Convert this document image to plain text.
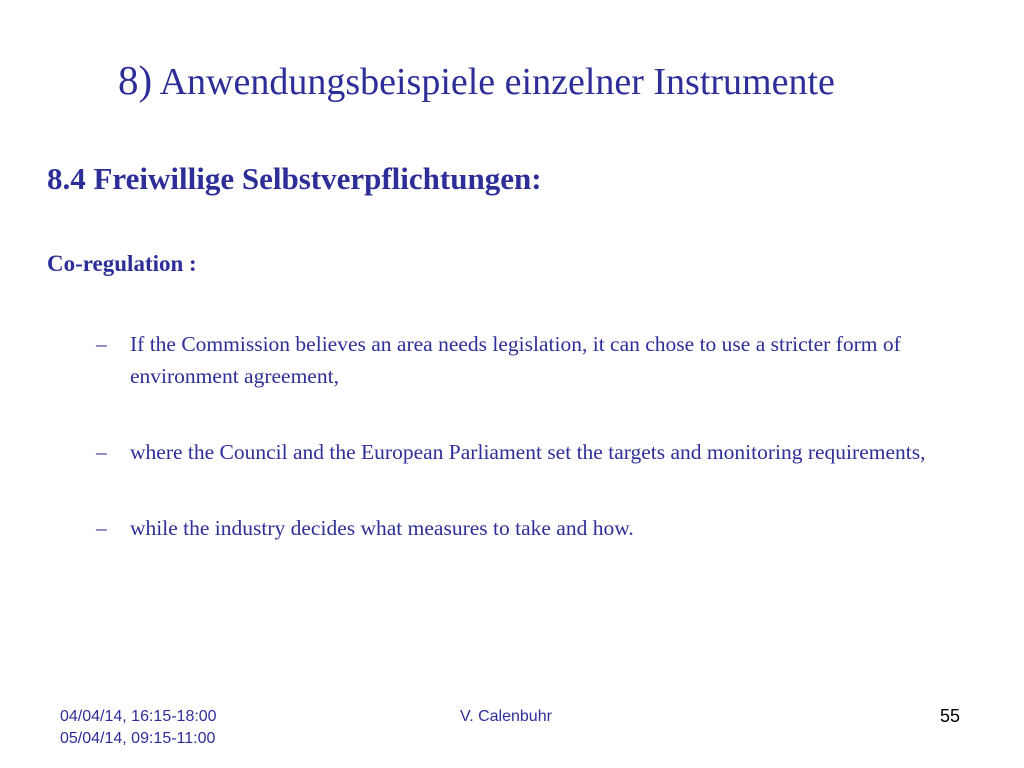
8) Anwendungsbeispiele einzelner Instrumente
8.4 Freiwillige Selbstverpflichtungen:
Co-regulation :
– If the Commission believes an area needs legislation, it can chose to use a stricter form of environment agreement,
– where the Council and the European Parliament set the targets and monitoring requirements,
– while the industry decides what measures to take and how.
04/04/14, 16:15-18:00
05/04/14, 09:15-11:00
V. Calenbuhr	55
